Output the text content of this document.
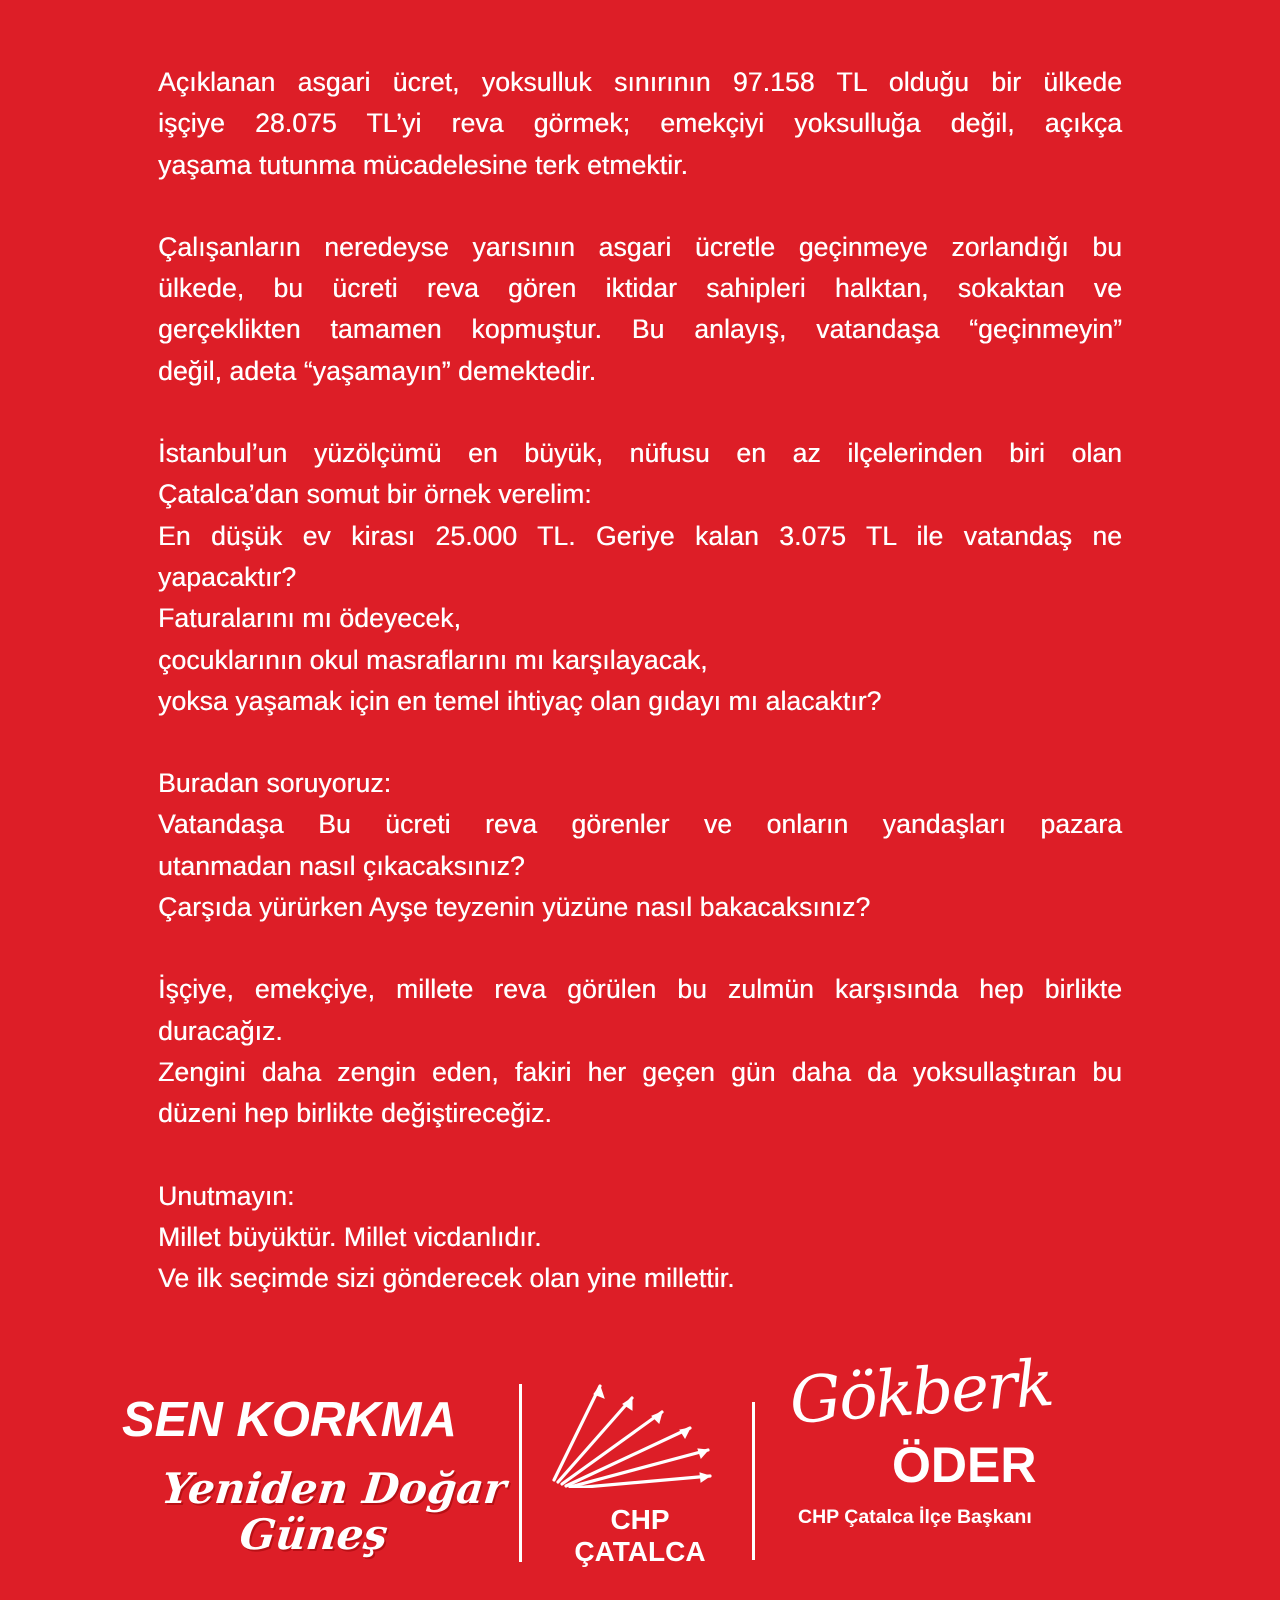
Açıklanan asgari ücret, yoksulluk sınırının 97.158 TL olduğu bir ülkede
işçiye 28.075 TL’yi reva görmek; emekçiyi yoksulluğa değil, açıkça
yaşama tutunma mücadelesine terk etmektir.
Çalışanların neredeyse yarısının asgari ücretle geçinmeye zorlandığı bu
ülkede, bu ücreti reva gören iktidar sahipleri halktan, sokaktan ve
gerçeklikten tamamen kopmuştur. Bu anlayış, vatandaşa “geçinmeyin”
değil, adeta “yaşamayın” demektedir.
İstanbul’un yüzölçümü en büyük, nüfusu en az ilçelerinden biri olan
Çatalca’dan somut bir örnek verelim:
En düşük ev kirası 25.000 TL. Geriye kalan 3.075 TL ile vatandaş ne
yapacaktır?
Faturalarını mı ödeyecek,
çocuklarının okul masraflarını mı karşılayacak,
yoksa yaşamak için en temel ihtiyaç olan gıdayı mı alacaktır?
Buradan soruyoruz:
Vatandaşa Bu ücreti reva görenler ve onların yandaşları pazara
utanmadan nasıl çıkacaksınız?
Çarşıda yürürken Ayşe teyzenin yüzüne nasıl bakacaksınız?
İşçiye, emekçiye, millete reva görülen bu zulmün karşısında hep birlikte
duracağız.
Zengini daha zengin eden, fakiri her geçen gün daha da yoksullaştıran bu
düzeni hep birlikte değiştireceğiz.
Unutmayın:
Millet büyüktür. Millet vicdanlıdır.
Ve ilk seçimde sizi gönderecek olan yine millettir.
SEN KORKMA
Yeniden Doğar
Güneş	CHP
ÇATALCA
Gökberk
ÖDER
CHP Çatalca İlçe Başkanı
